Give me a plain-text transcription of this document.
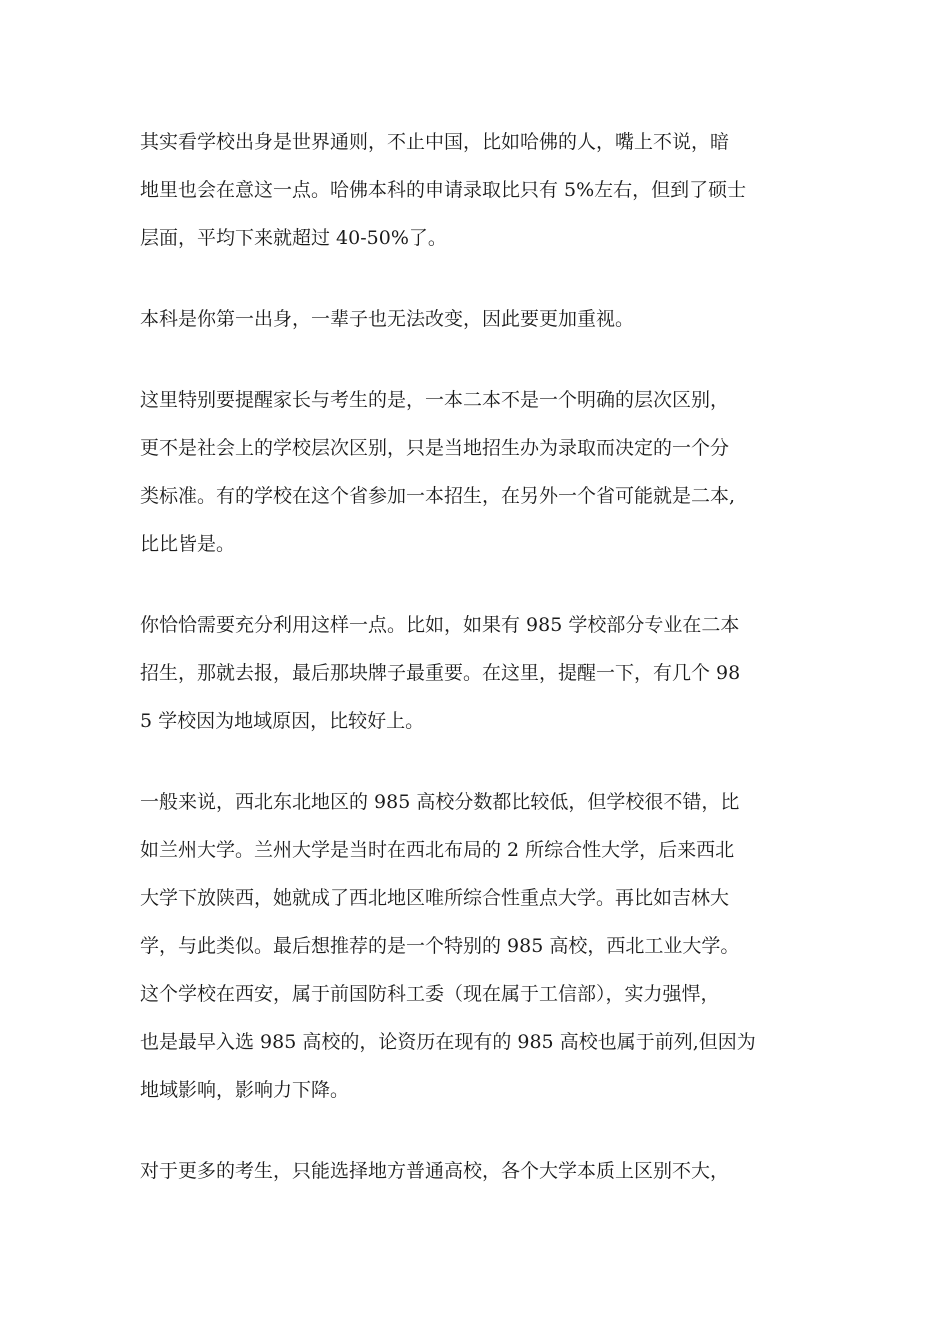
其实看学校出身是世界通则，不止中国，比如哈佛的人，嘴上不说，暗
地里也会在意这一点。哈佛本科的申请录取比只有 5%左右，但到了硕士
层面，平均下来就超过 40-50%了。
本科是你第一出身，一辈子也无法改变，因此要更加重视。
这里特别要提醒家长与考生的是，一本二本不是一个明确的层次区别，
更不是社会上的学校层次区别，只是当地招生办为录取而决定的一个分
类标准。有的学校在这个省参加一本招生，在另外一个省可能就是二本,
比比皆是。
你恰恰需要充分利用这样一点。比如，如果有 985 学校部分专业在二本
招生，那就去报，最后那块牌子最重要。在这里，提醒一下，有几个 98
5 学校因为地域原因，比较好上。
一般来说，西北东北地区的 985 高校分数都比较低，但学校很不错，比
如兰州大学。兰州大学是当时在西北布局的 2 所综合性大学，后来西北
大学下放陕西，她就成了西北地区唯所综合性重点大学。再比如吉林大
学，与此类似。最后想推荐的是一个特别的 985 高校，西北工业大学。
这个学校在西安，属于前国防科工委（现在属于工信部），实力强悍，
也是最早入选 985 高校的，论资历在现有的 985 高校也属于前列,但因为
地域影响，影响力下降。
对于更多的考生，只能选择地方普通高校，各个大学本质上区别不大，
